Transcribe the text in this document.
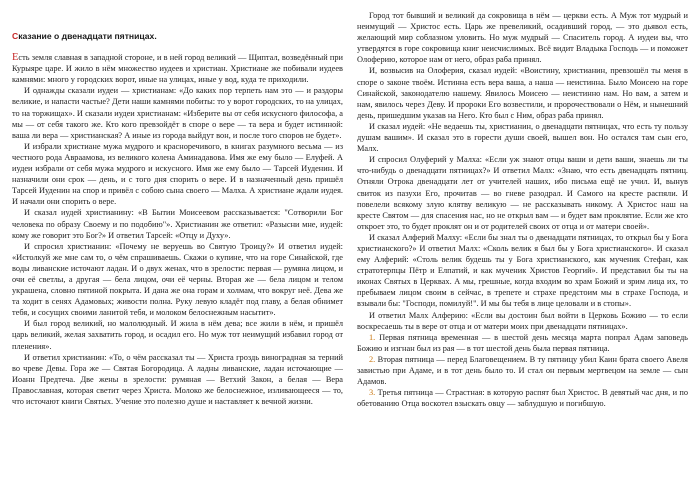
Сказание о двенадцати пятницах.

Есть земля славная в западной стороне, и в ней город великий — Щиптал, возведённый при Курыяре царе. И жило в нём множество иудеев и христиан. Христиане же побивали иудеев камнями: много у городских ворот, иные на улицах, иные у вод, куда те приходили.

И однажды сказали иудеи — христианам: «До каких пор терпеть нам это — и раздоры великие, и напасти частые? Дети наши камнями побиты: то у ворот городских, то на улицах, то на торжищах». И сказали иудеи христианам: «Изберите вы от себя искусного философа, а мы — от себя такого же. Кто кого превзойдёт в споре о вере — та вера и будет истинной: ваша ли вера — христианская? А иные из города выйдут вон, и после того споров не будет».

И избрали христиане мужа мудрого и красноречивого, в книгах разумного весьма — из честного рода Авраамова, из великого колена Аминадавова. Имя же ему было — Елуфей. А иудеи избрали от себя мужа мудрого и искусного. Имя же ему было — Тарсей Иуденин. И назначили они срок — день, и с того дня спорить о вере. И в назначенный день пришёл Тарсей Иуденин на спор и привёл с собою сына своего — Малха. А христиане ждали иудея. И начали они спорить о вере.

И сказал иудей христианину: «В Бытии Моисеевом рассказывается: "Сотворили Бог человека по образу Своему и по подобию"». Христианин же ответил: «Разысни мне, иудей: кому же говорит это Бог?» И ответил Тарсей: «Отцу и Духу».

И спросил христианин: «Почему не веруешь во Святую Троицу?» И ответил иудей: «Истолкуй же мне сам то, о чём спрашиваешь. Скажи о купине, что на горе Синайской, где воды ливанские источают ладан. И о двух женах, что в зрелости: первая — румяна лицом, и очи её светлы, а другая — бела лицом, очи её черны. Вторая же — бела лицом и телом украшена, словно пятиной покрыта. И дана же она горам и холмам, что вокруг неё. Дева же та ходит в сенях Адамовых; живости полна. Руку левую кладёт под главу, а белая обнимет тебя, и сосущих своими ланитой тебя, и молоком белоснежным насытит».

И был город великий, но малолюдный. И жила в нём дева; все жили в нём, и пришёл царь великий, желая захватить город, и осадил его. Но муж тот неимущий избавил город от пленения».

И ответил христианин: «То, о чём рассказал ты — Христа гроздь виноградная за терний во чреве Девы. Гора же — Святая Богородица. А ладны ливанские, ладан источающие — Иоанн Предтеча. Две жены в зрелости: румяная — Ветхий Закон, а белая — Вера Православная, которая светит через Христа. Молоко же белоснежное, изливающееся — то, что источают книги Святых. Учение это полезно душе и наставляет к вечной жизни.

Город тот бывший и великий да сокровища в нём — церкви есть. А Муж тот мудрый и неимущий — Христос есть. Царь же превеликий, осадивший город, — это дьявол есть, желающий мир соблазном уловить. Но муж мудрый — Спаситель город. А иудеи вы, что утвердятся в горе сокровища книг неисчислимых. Всё видит Владыка Господь — и поможет Олоферию, которое нам от него, образ раба принял.

И, возвысив на Олоферия, сказал иудей: «Воистину, христианин, превзошёл ты меня в споре о законе твоём. Истинна есть вера ваша, а наша — неистинна. Было Моисею на горе Синайской, законодателю нашему. Явилось Моисею — неистинно нам. Но вам, а затем и нам, явилось через Деву. И пророки Его возвестили, и пророчествовали о Нём, и нынешний день, пришедшим указав на Него. Кто был с Ним, образ раба принял.

И сказал иудей: «Не ведаешь ты, христианин, о двенадцати пятницах, что есть ту пользу душам вашим». И сказал это в горести души своей, вышел вон. Но остался там сын его, Малх.

И спросил Олуферий у Малха: «Если уж знают отцы ваши и дети ваши, знаешь ли ты что-нибудь о двенадцати пятницах?» И ответил Малх: «Знаю, что есть двенадцать пятниц. Отняли Отрока двенадцати лет от учителей наших, ибо письма ещё не учил. И, вынув свиток из пазухи Его, прочитав — во гневе разодрал. И Самого на кресте распяли. И повелели всякому злую клятву великую — не рассказывать никому. А Христос наш на кресте Святом — для спасения нас, но не открыл вам — и будет вам проклятие. Если же кто откроет это, то будет проклят он и от родителей своих от отца и от матери своей».

И сказал Алферий Малху: «Если бы знал ты о двенадцати пятницах, то открыл бы у Бога христианского?» И ответил Малх: «Сколь велик я был бы у Бога христианского». И сказал ему Алферий: «Столь велик будешь ты у Бога христианского, как мученик Стефан, как стратотерпцы Пётр и Елпатий, и как мученик Христов Георгий». И представил бы ты на иконах Святых в Церквах. А мы, грешные, когда входим во храм Божий и зрим лица их, то пребываем лицом своим в сейчас, в трепете и страхе предстоим мы в страхе Господа, и взывали бы: "Господи, помилуй!". И мы бы тебя в лице целовали и в стопы».

И ответил Малх Алферию: «Если вы достоин был войти в Церковь Божию — то если воскресаешь ты в вере от отца и от матери моих при двенадцати пятницах».

1. Первая пятница временная — в шестой день месяца марта попрал Адам заповедь Божию и изгнан был из рая — в тот шестой день была первая пятница.

2. Вторая пятница — перед Благовещением. В ту пятницу убил Каин брата своего Авеля завистью при Адаме, и в тот день было то. И стал он первым мертвецом на земле — сын Адамов.

3. Третья пятница — Страстная: в которую распят был Христос. В девятый час дня, и по обетованию Отца воскотел взыскать овцу — заблудшую и погибшую.
